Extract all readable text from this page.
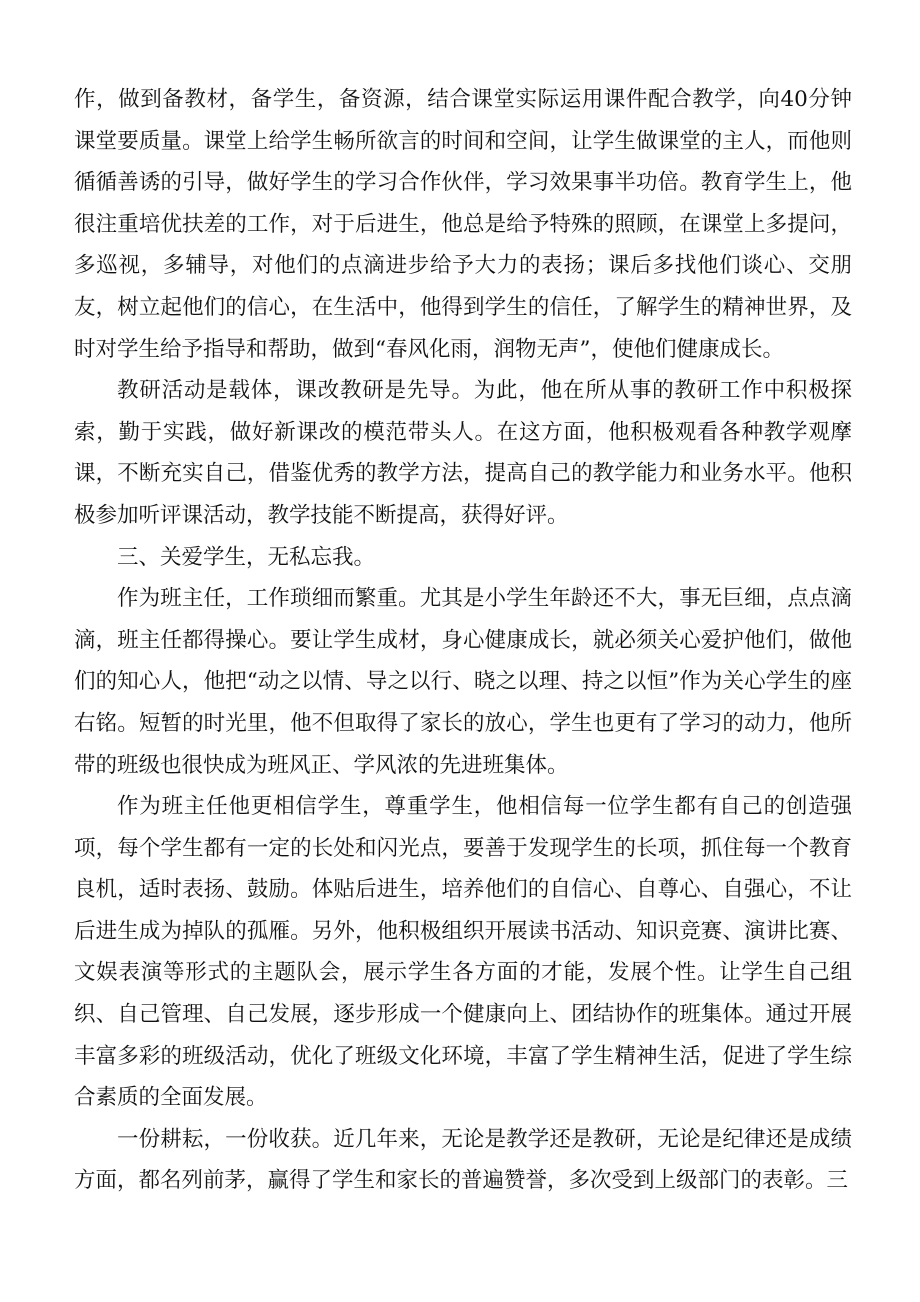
作，做到备教材，备学生，备资源，结合课堂实际运用课件配合教学，向40分钟课堂要质量。课堂上给学生畅所欲言的时间和空间，让学生做课堂的主人，而他则循循善诱的引导，做好学生的学习合作伙伴，学习效果事半功倍。教育学生上，他很注重培优扶差的工作，对于后进生，他总是给予特殊的照顾，在课堂上多提问，多巡视，多辅导，对他们的点滴进步给予大力的表扬；课后多找他们谈心、交朋友，树立起他们的信心，在生活中，他得到学生的信任，了解学生的精神世界，及时对学生给予指导和帮助，做到“春风化雨，润物无声”，使他们健康成长。

教研活动是载体，课改教研是先导。为此，他在所从事的教研工作中积极探索，勤于实践，做好新课改的模范带头人。在这方面，他积极观看各种教学观摩课，不断充实自己，借鉴优秀的教学方法，提高自己的教学能力和业务水平。他积极参加听评课活动，教学技能不断提高，获得好评。

三、关爱学生，无私忘我。

作为班主任，工作琐细而繁重。尤其是小学生年龄还不大，事无巨细，点点滴滴，班主任都得操心。要让学生成材，身心健康成长，就必须关心爱护他们，做他们的知心人，他把“动之以情、导之以行、晓之以理、持之以恒”作为关心学生的座右铭。短暂的时光里，他不但取得了家长的放心，学生也更有了学习的动力，他所带的班级也很快成为班风正、学风浓的先进班集体。

作为班主任他更相信学生，尊重学生，他相信每一位学生都有自己的创造强项，每个学生都有一定的长处和闪光点，要善于发现学生的长项，抓住每一个教育良机，适时表扬、鼓励。体贴后进生，培养他们的自信心、自尊心、自强心，不让后进生成为掉队的孤雁。另外，他积极组织开展读书活动、知识竞赛、演讲比赛、文娱表演等形式的主题队会，展示学生各方面的才能，发展个性。让学生自己组织、自己管理、自己发展，逐步形成一个健康向上、团结协作的班集体。通过开展丰富多彩的班级活动，优化了班级文化环境，丰富了学生精神生活，促进了学生综合素质的全面发展。

一份耕耘，一份收获。近几年来，无论是教学还是教研，无论是纪律还是成绩方面，都名列前茅，赢得了学生和家长的普遍赞誉，多次受到上级部门的表彰。三
